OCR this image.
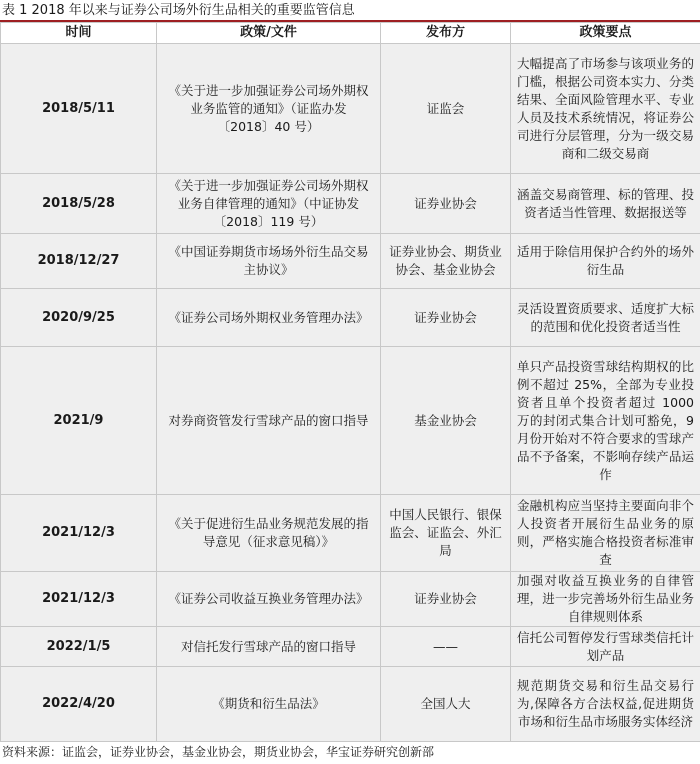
表 1 2018 年以来与证券公司场外衍生品相关的重要监管信息
时间	政策/文件	发布方	政策要点
2018/5/11	《关于进一步加强证券公司场外期权业务监管的通知》（证监办发〔2018〕40 号）	证监会	大幅提高了市场参与该项业务的门槛，根据公司资本实力、分类结果、全面风险管理水平、专业人员及技术系统情况，将证券公司进行分层管理，分为一级交易商和二级交易商
2018/5/28	《关于进一步加强证券公司场外期权业务自律管理的通知》（中证协发〔2018〕119 号）	证券业协会	涵盖交易商管理、标的管理、投资者适当性管理、数据报送等
2018/12/27	《中国证券期货市场场外衍生品交易主协议》	证券业协会、期货业协会、基金业协会	适用于除信用保护合约外的场外衍生品
2020/9/25	《证券公司场外期权业务管理办法》	证券业协会	灵活设置资质要求、适度扩大标的范围和优化投资者适当性
2021/9	对券商资管发行雪球产品的窗口指导	基金业协会	单只产品投资雪球结构期权的比例不超过 25%，全部为专业投资者且单个投资者超过 1000 万的封闭式集合计划可豁免，9 月份开始对不符合要求的雪球产品不予备案，不影响存续产品运作
2021/12/3	《关于促进衍生品业务规范发展的指导意见（征求意见稿）》	中国人民银行、银保监会、证监会、外汇局	金融机构应当坚持主要面向非个人投资者开展衍生品业务的原则，严格实施合格投资者标准审查
2021/12/3	《证券公司收益互换业务管理办法》	证券业协会	加强对收益互换业务的自律管理，进一步完善场外衍生品业务自律规则体系
2022/1/5	对信托发行雪球产品的窗口指导	——	信托公司暂停发行雪球类信托计划产品
2022/4/20	《期货和衍生品法》	全国人大	规范期货交易和衍生品交易行为,保障各方合法权益,促进期货市场和衍生品市场服务实体经济
资料来源：证监会，证券业协会，基金业协会，期货业协会，华宝证券研究创新部
